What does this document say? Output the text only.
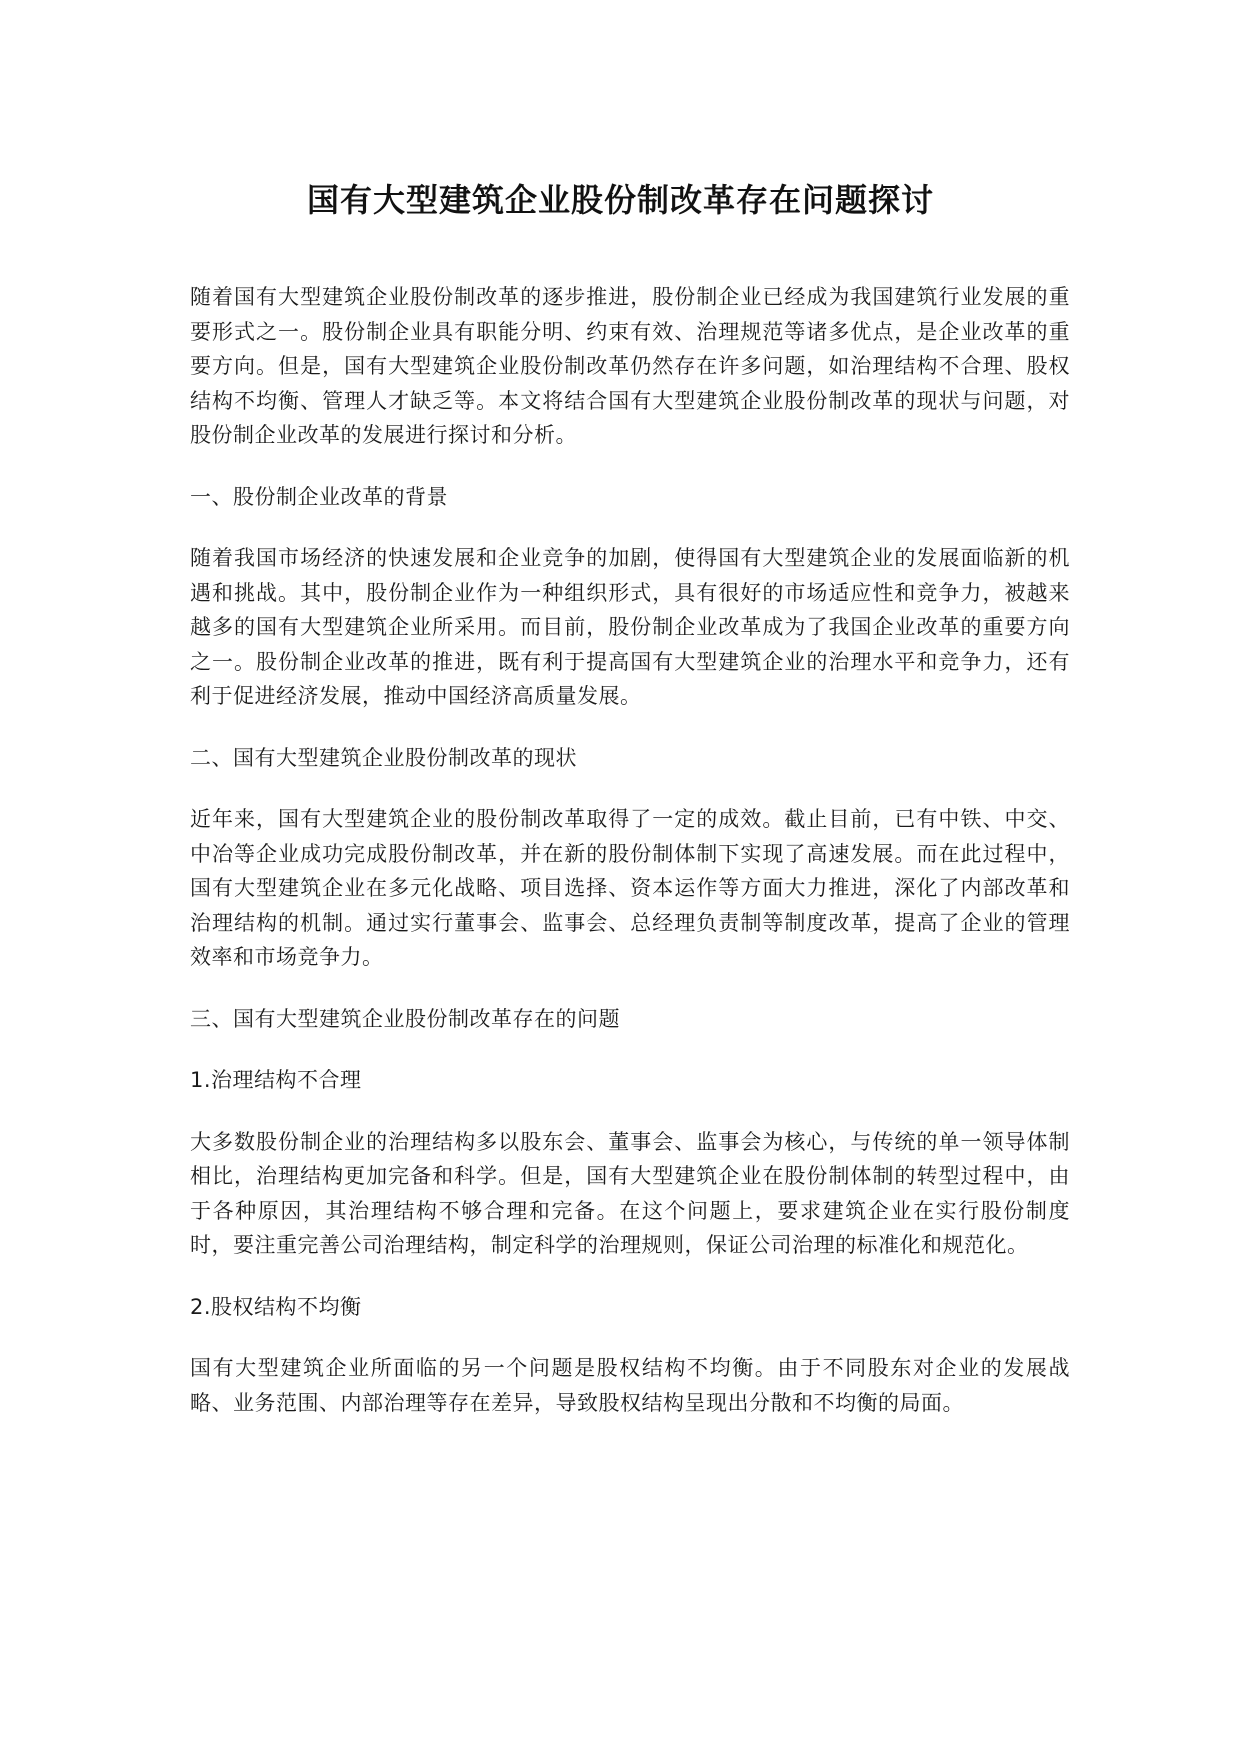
国有大型建筑企业股份制改革存在问题探讨

随着国有大型建筑企业股份制改革的逐步推进，股份制企业已经成为我国建筑行业发展的重要形式之一。股份制企业具有职能分明、约束有效、治理规范等诸多优点，是企业改革的重要方向。但是，国有大型建筑企业股份制改革仍然存在许多问题，如治理结构不合理、股权结构不均衡、管理人才缺乏等。本文将结合国有大型建筑企业股份制改革的现状与问题，对股份制企业改革的发展进行探讨和分析。

一、股份制企业改革的背景

随着我国市场经济的快速发展和企业竞争的加剧，使得国有大型建筑企业的发展面临新的机遇和挑战。其中，股份制企业作为一种组织形式，具有很好的市场适应性和竞争力，被越来越多的国有大型建筑企业所采用。而目前，股份制企业改革成为了我国企业改革的重要方向之一。股份制企业改革的推进，既有利于提高国有大型建筑企业的治理水平和竞争力，还有利于促进经济发展，推动中国经济高质量发展。

二、国有大型建筑企业股份制改革的现状

近年来，国有大型建筑企业的股份制改革取得了一定的成效。截止目前，已有中铁、中交、中冶等企业成功完成股份制改革，并在新的股份制体制下实现了高速发展。而在此过程中，国有大型建筑企业在多元化战略、项目选择、资本运作等方面大力推进，深化了内部改革和治理结构的机制。通过实行董事会、监事会、总经理负责制等制度改革，提高了企业的管理效率和市场竞争力。

三、国有大型建筑企业股份制改革存在的问题
1.治理结构不合理

大多数股份制企业的治理结构多以股东会、董事会、监事会为核心，与传统的单一领导体制相比，治理结构更加完备和科学。但是，国有大型建筑企业在股份制体制的转型过程中，由于各种原因，其治理结构不够合理和完备。在这个问题上，要求建筑企业在实行股份制度时，要注重完善公司治理结构，制定科学的治理规则，保证公司治理的标准化和规范化。

2.股权结构不均衡

国有大型建筑企业所面临的另一个问题是股权结构不均衡。由于不同股东对企业的发展战略、业务范围、内部治理等存在差异，导致股权结构呈现出分散和不均衡的局面。
